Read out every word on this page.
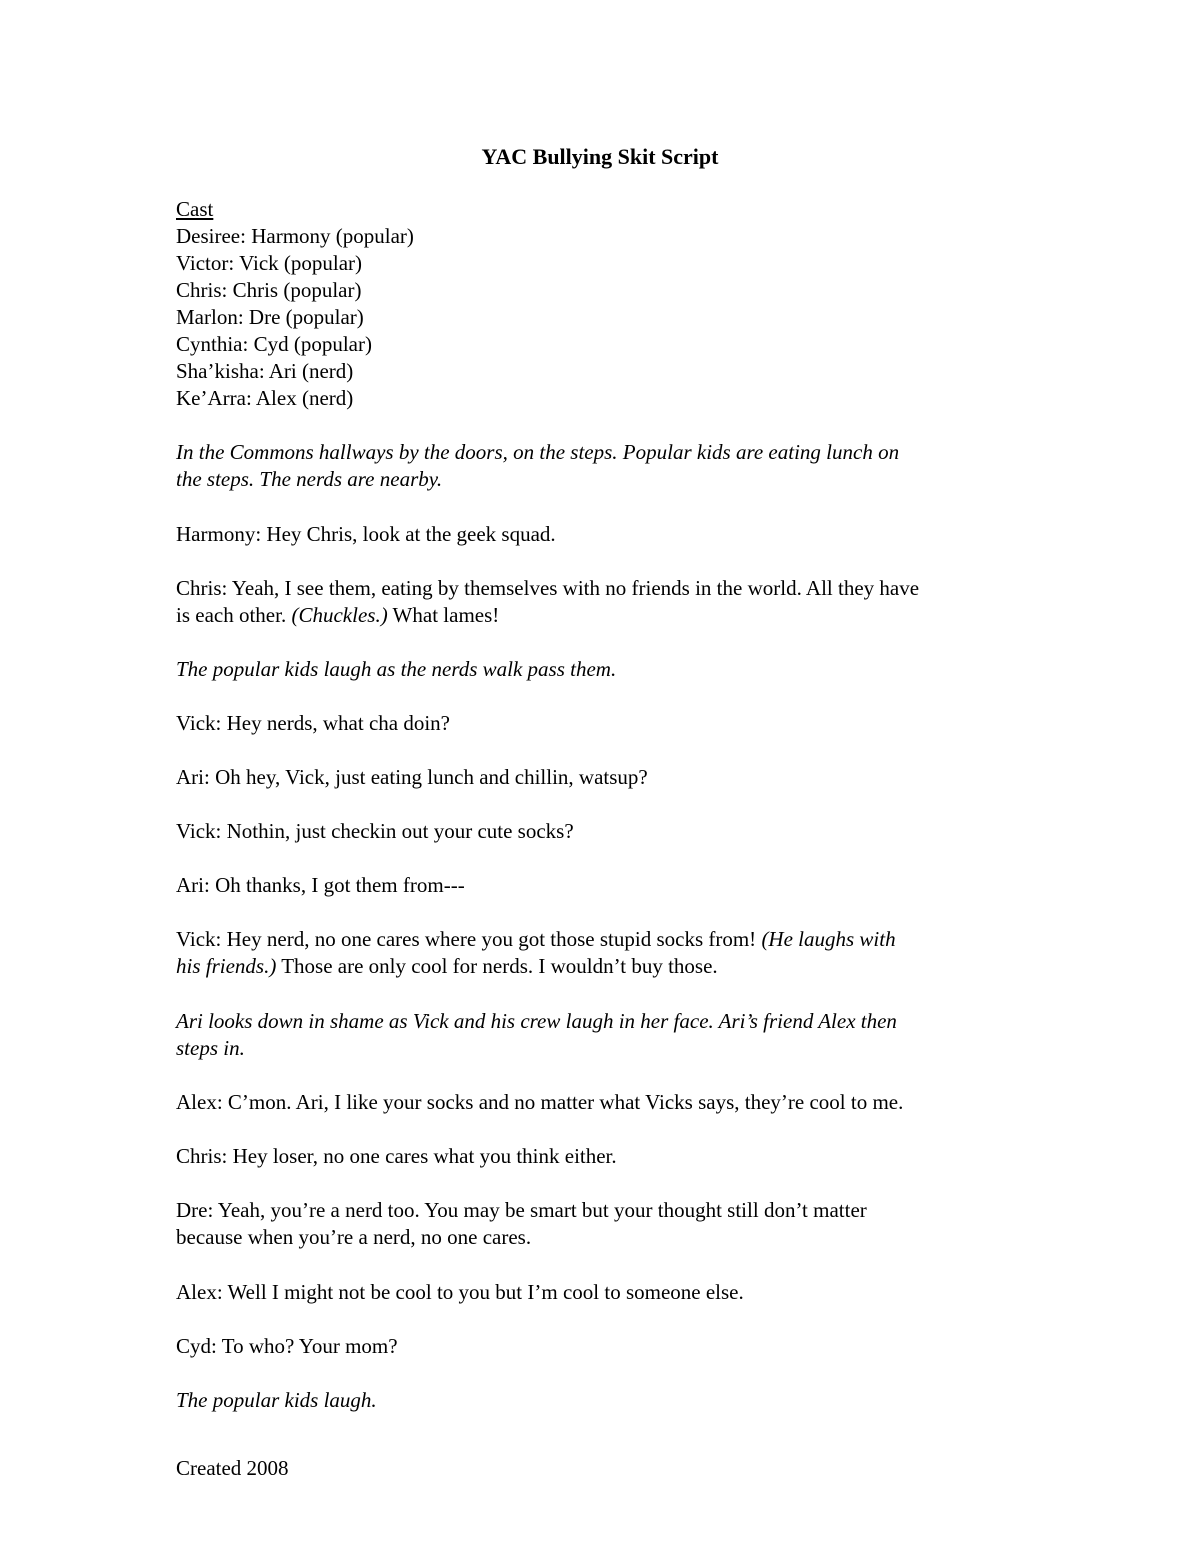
YAC Bullying Skit Script
Cast
Desiree: Harmony (popular)
Victor: Vick (popular)
Chris: Chris (popular)
Marlon: Dre (popular)
Cynthia: Cyd (popular)
Sha’kisha: Ari (nerd)
Ke’Arra: Alex (nerd)
In the Commons hallways by the doors, on the steps. Popular kids are eating lunch on
the steps. The nerds are nearby.
Harmony: Hey Chris, look at the geek squad.
Chris: Yeah, I see them, eating by themselves with no friends in the world. All they have
is each other. (Chuckles.) What lames!
The popular kids laugh as the nerds walk pass them.
Vick: Hey nerds, what cha doin?
Ari: Oh hey, Vick, just eating lunch and chillin, watsup?
Vick: Nothin, just checkin out your cute socks?
Ari: Oh thanks, I got them from---
Vick: Hey nerd, no one cares where you got those stupid socks from! (He laughs with
his friends.) Those are only cool for nerds. I wouldn’t buy those.
Ari looks down in shame as Vick and his crew laugh in her face. Ari’s friend Alex then
steps in.
Alex: C’mon. Ari, I like your socks and no matter what Vicks says, they’re cool to me.
Chris: Hey loser, no one cares what you think either.
Dre: Yeah, you’re a nerd too. You may be smart but your thought still don’t matter
because when you’re a nerd, no one cares.
Alex: Well I might not be cool to you but I’m cool to someone else.
Cyd: To who? Your mom?
The popular kids laugh.
Created 2008
